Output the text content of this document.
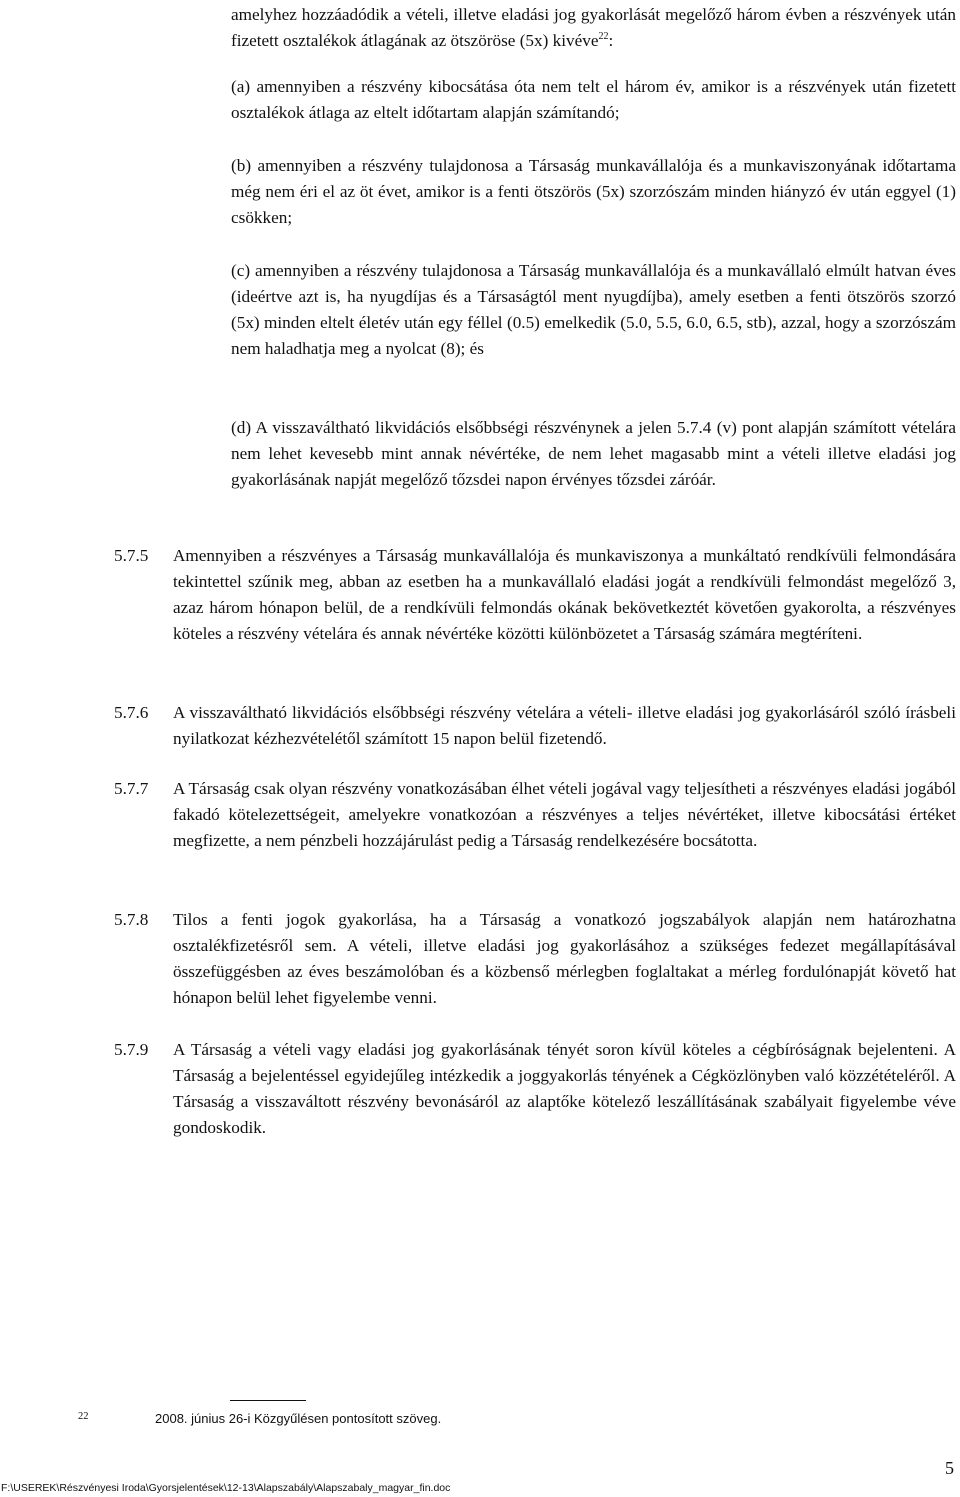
amelyhez hozzáadódik a vételi, illetve eladási jog gyakorlását megelőző három évben a részvények után fizetett osztalékok átlagának az ötszöröse (5x) kivéve$^{22}$:

(a) amennyiben a részvény kibocsátása óta nem telt el három év, amikor is a részvények után fizetett osztalékok átlaga az eltelt időtartam alapján számítandó;

(b) amennyiben a részvény tulajdonosa a Társaság munkavállalója és a munkaviszonyának időtartama még nem éri el az öt évet, amikor is a fenti ötszörös (5x) szorzószám minden hiányzó év után eggyel (1) csökken;

(c) amennyiben a részvény tulajdonosa a Társaság munkavállalója és a munkavállaló elmúlt hatvan éves (ideértve azt is, ha nyugdíjas és a Társaságtól ment nyugdíjba), amely esetben a fenti ötszörös szorzó (5x) minden eltelt életév után egy féllel (0.5) emelkedik (5.0, 5.5, 6.0, 6.5, stb), azzal, hogy a szorzószám nem haladhatja meg a nyolcat (8); és

(d) A visszaváltható likvidációs elsőbbségi részvénynek a jelen 5.7.4 (v) pont alapján számított vételára nem lehet kevesebb mint annak névértéke, de nem lehet magasabb mint a vételi illetve eladási jog gyakorlásának napját megelőző tőzsdei napon érvényes tőzsdei záróár.

5.7.5 Amennyiben a részvényes a Társaság munkavállalója és munkaviszonya a munkáltató rendkívüli felmondására tekintettel szűnik meg, abban az esetben ha a munkavállaló eladási jogát a rendkívüli felmondást megelőző 3, azaz három hónapon belül, de a rendkívüli felmondás okának bekövetkeztét követően gyakorolta, a részvényes köteles a részvény vételára és annak névértéke közötti különbözetet a Társaság számára megtéríteni.

5.7.6 A visszaváltható likvidációs elsőbbségi részvény vételára a vételi- illetve eladási jog gyakorlásáról szóló írásbeli nyilatkozat kézhezvételétől számított 15 napon belül fizetendő.

5.7.7 A Társaság csak olyan részvény vonatkozásában élhet vételi jogával vagy teljesítheti a részvényes eladási jogából fakadó kötelezettségeit, amelyekre vonatkozóan a részvényes a teljes névértéket, illetve kibocsátási értéket megfizette, a nem pénzbeli hozzájárulást pedig a Társaság rendelkezésére bocsátotta.

5.7.8 Tilos a fenti jogok gyakorlása, ha a Társaság a vonatkozó jogszabályok alapján nem határozhatna osztalékfizetésről sem. A vételi, illetve eladási jog gyakorlásához a szükséges fedezet megállapításával összefüggésben az éves beszámolóban és a közbenső mérlegben foglaltakat a mérleg fordulónapját követő hat hónapon belül lehet figyelembe venni.

5.7.9 A Társaság a vételi vagy eladási jog gyakorlásának tényét soron kívül köteles a cégbíróságnak bejelenteni. A Társaság a bejelentéssel egyidejűleg intézkedik a joggyakorlás tényének a Cégközlönyben való közzétételéről. A Társaság a visszaváltott részvény bevonásáról az alaptőke kötelező leszállításának szabályait figyelembe véve gondoskodik.

22	2008. június 26-i Közgyűlésen pontosított szöveg.
5
F:\USEREK\Részvényesi Iroda\Gyorsjelentések\12-13\Alapszabály\Alapszabaly_magyar_fin.doc
